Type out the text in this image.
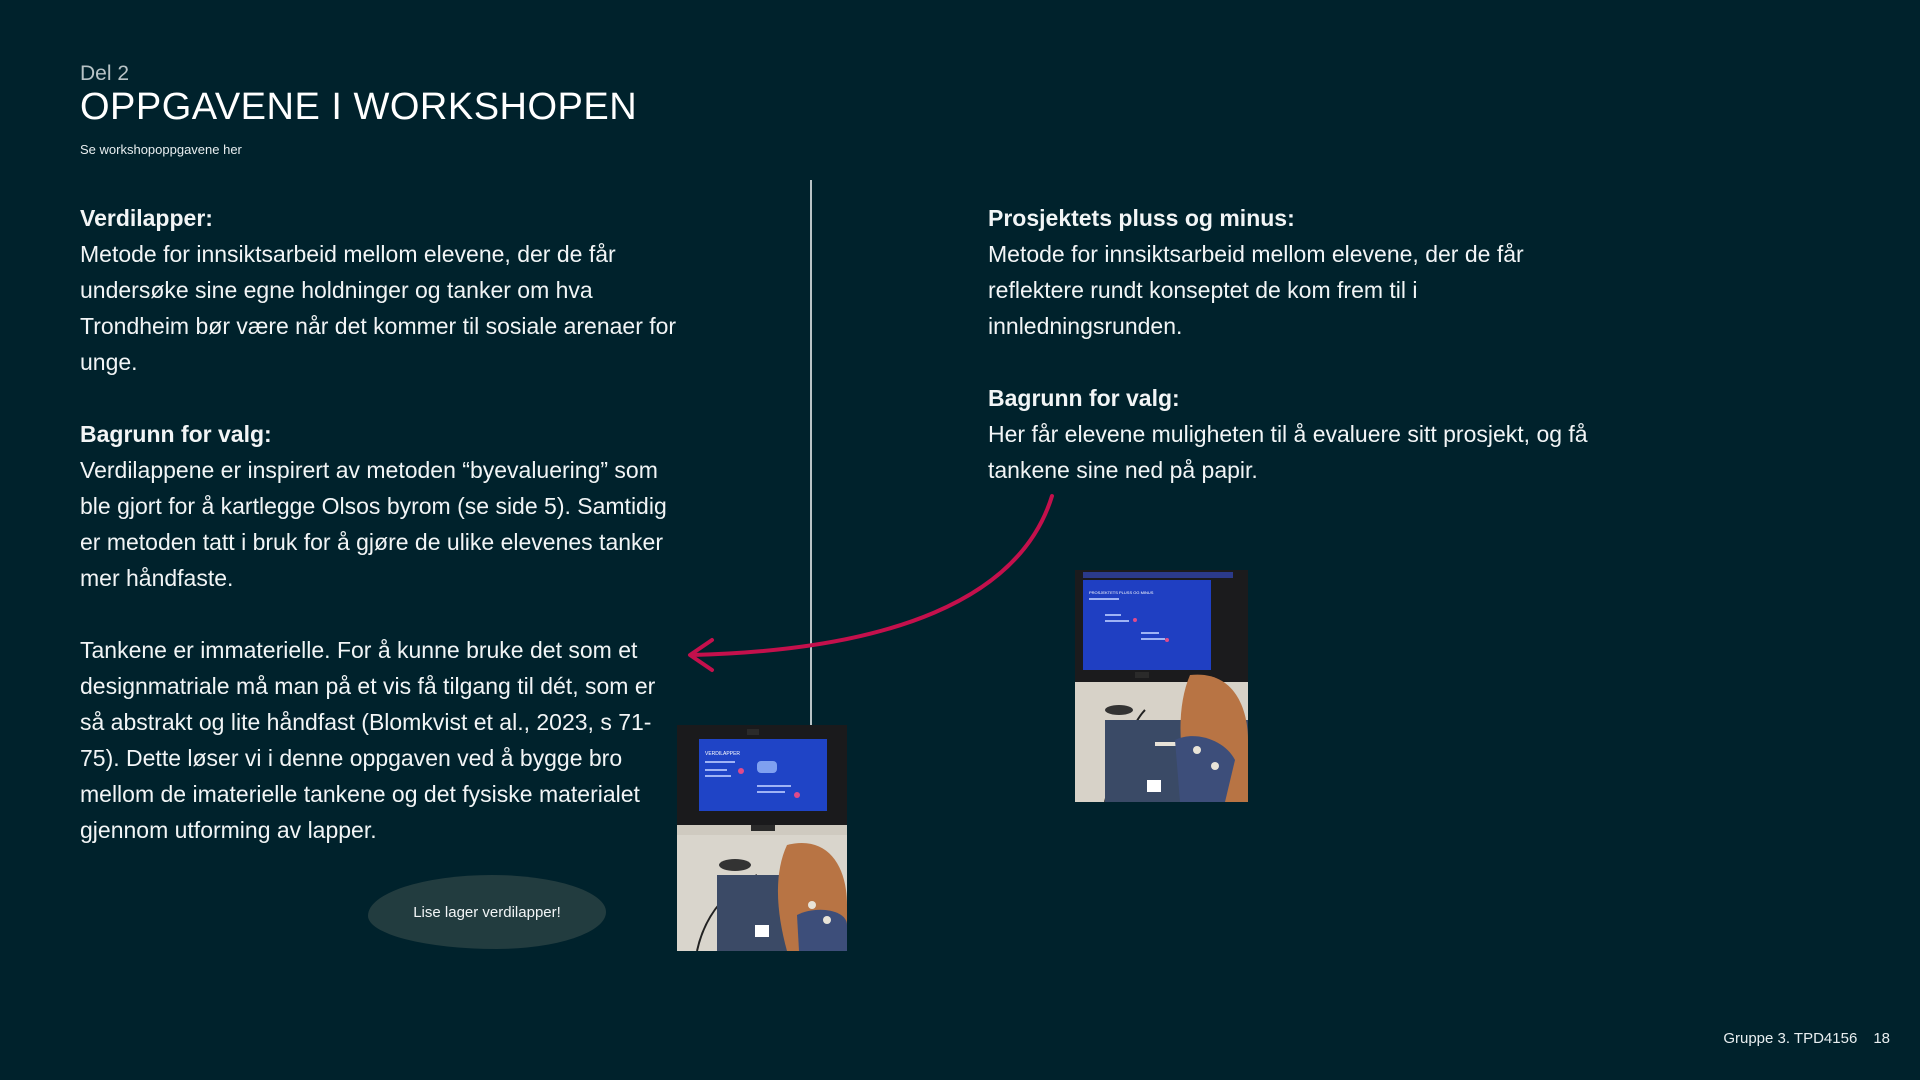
Del 2
OPPGAVENE I WORKSHOPEN
Se workshopoppgavene her

Verdilapper:

Metode for innsiktsarbeid mellom elevene, der de får undersøke sine egne holdninger og tanker om hva Trondheim bør være når det kommer til sosiale arenaer for unge.

Bagrunn for valg:

Verdilappene er inspirert av metoden “byevaluering” som ble gjort for å kartlegge Olsos byrom (se side 5). Samtidig er metoden tatt i bruk for å gjøre de ulike elevenes tanker mer håndfaste.

Tankene er immaterielle. For å kunne bruke det som et designmatriale må man på et vis få tilgang til dét, som er så abstrakt og lite håndfast (Blomkvist et al., 2023, s 71-75). Dette løser vi i denne oppgaven ved å bygge bro mellom de imaterielle tankene og det fysiske materialet gjennom utforming av lapper.

Prosjektets pluss og minus:

Metode for innsiktsarbeid mellom elevene, der de får reflektere rundt konseptet de kom frem til i innledningsrunden.

Bagrunn for valg:

Her får elevene muligheten til å evaluere sitt prosjekt, og få tankene sine ned på papir.

Lise lager verdilapper!
VERDILAPPER
PROSJEKTETS PLUSS OG MINUS
Gruppe 3. TPD4156 18
